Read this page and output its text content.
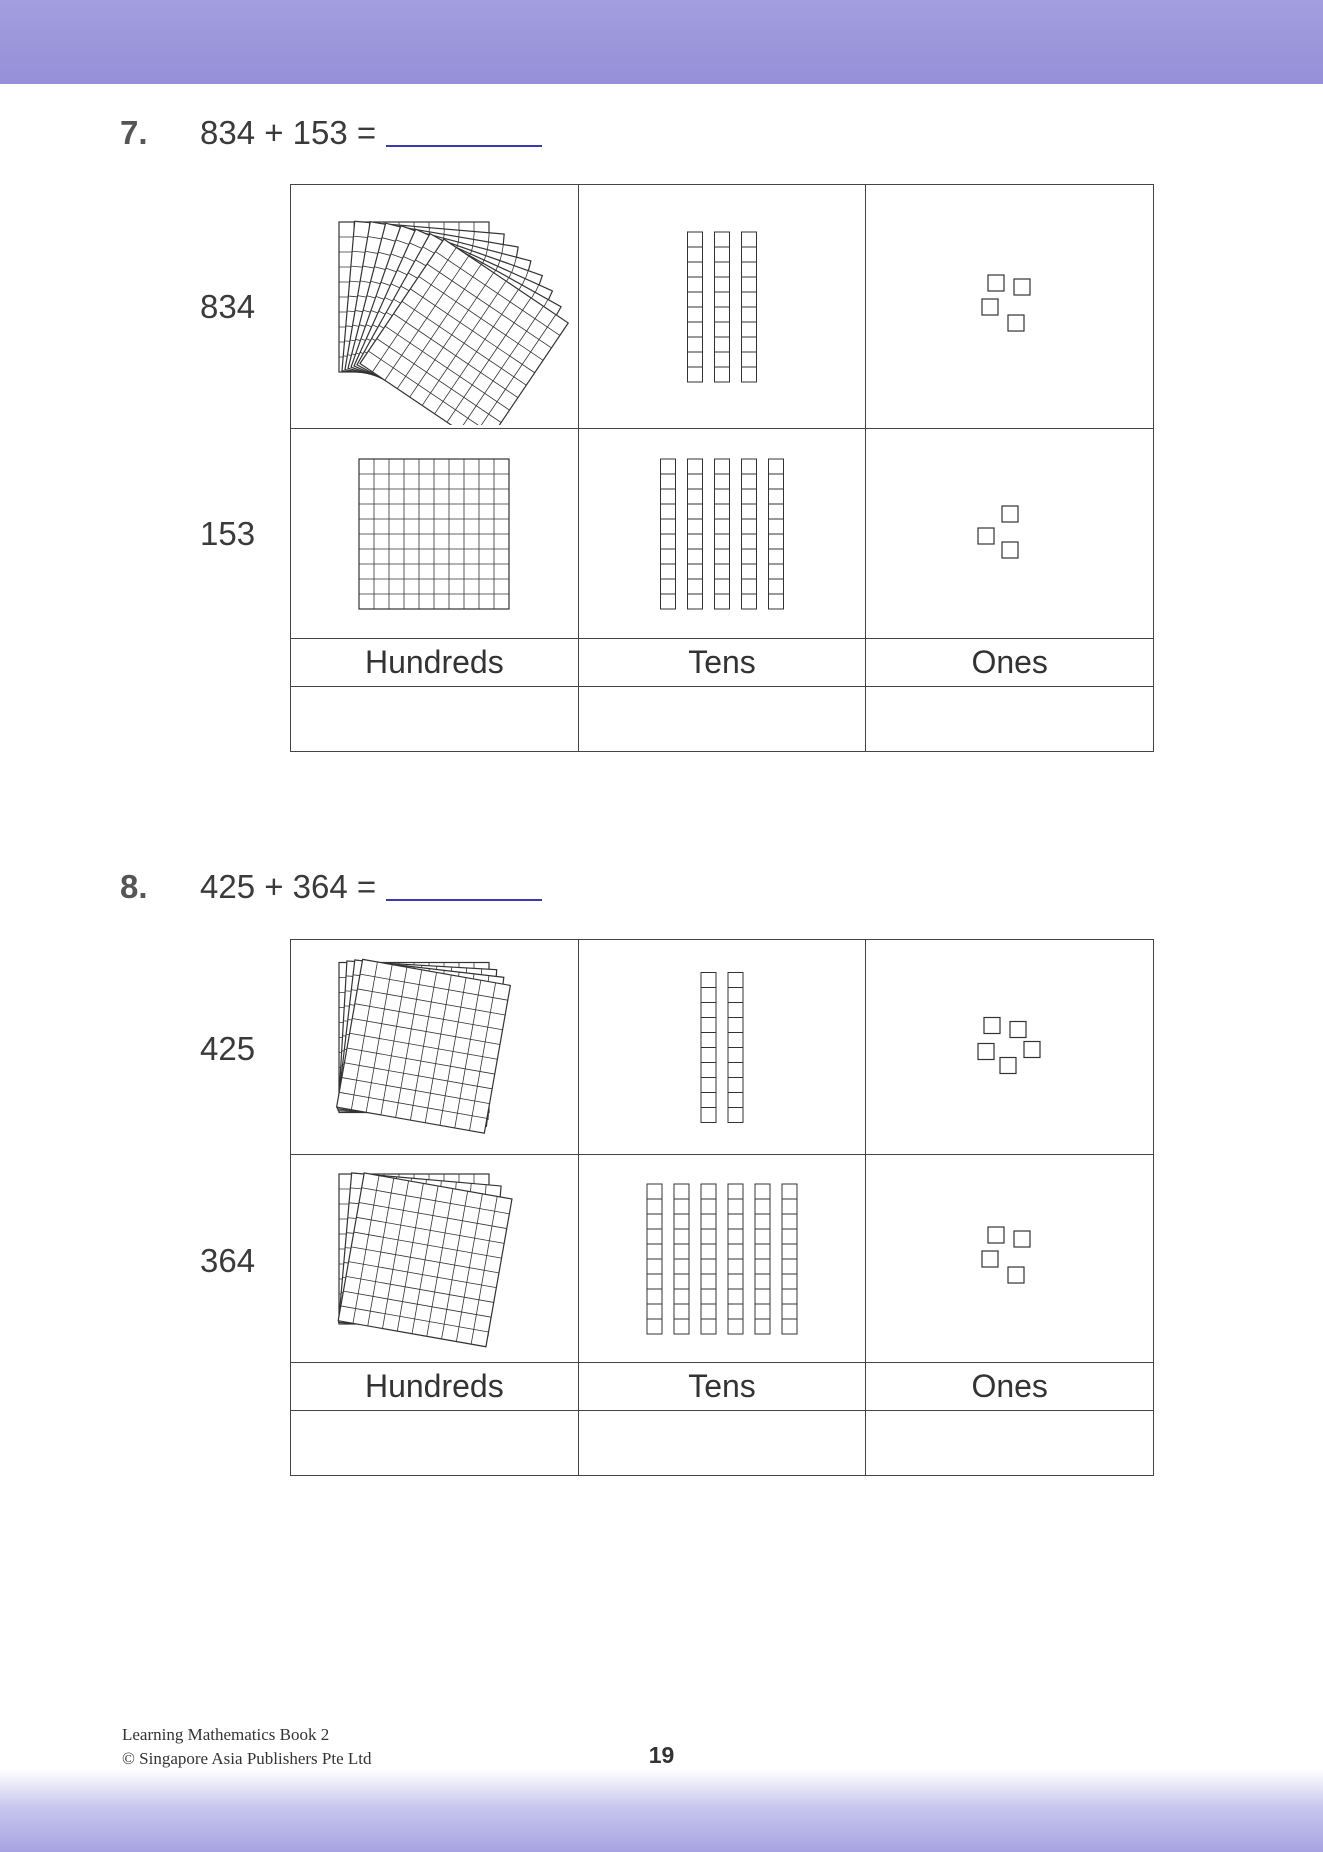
7.	834 + 153 =
834
153
Hundreds	Tens	Ones
8.	425 + 364 =
425
364
Hundreds	Tens	Ones
Learning Mathematics Book 2
© Singapore Asia Publishers Pte Ltd	19
